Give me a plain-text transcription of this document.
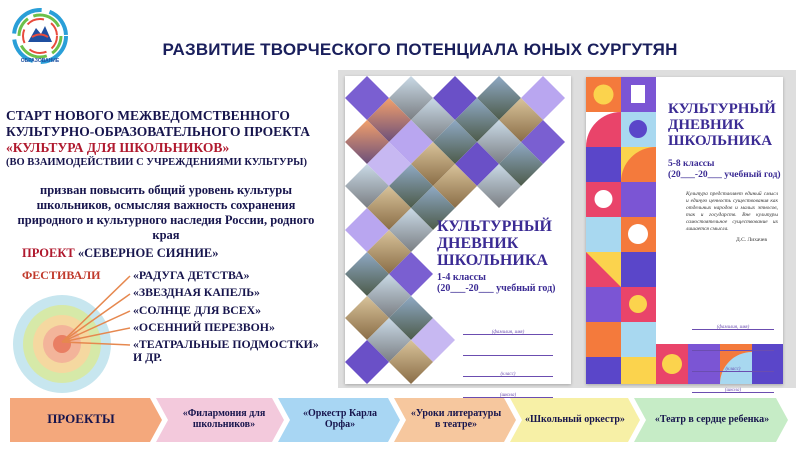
ОБРАЗОВАНИЕ
РАЗВИТИЕ ТВОРЧЕСКОГО ПОТЕНЦИАЛА ЮНЫХ СУРГУТЯН
СТАРТ НОВОГО МЕЖВЕДОМСТВЕННОГО
КУЛЬТУРНО-ОБРАЗОВАТЕЛЬНОГО ПРОЕКТА
«КУЛЬТУРА ДЛЯ ШКОЛЬНИКОВ»
(ВО ВЗАИМОДЕЙСТВИИ С УЧРЕЖДЕНИЯМИ КУЛЬТУРЫ)
призван повысить общий уровень культуры школьников, осмысляя важность сохранения природного и культурного наследия России, родного края
ПРОЕКТ «СЕВЕРНОЕ СИЯНИЕ»
ФЕСТИВАЛИ	«РАДУГА ДЕТСТВА»
«ЗВЕЗДНАЯ КАПЕЛЬ»
«СОЛНЦЕ ДЛЯ ВСЕХ»
«ОСЕННИЙ ПЕРЕЗВОН»
«ТЕАТРАЛЬНЫЕ ПОДМОСТКИ»
И ДР.
КУЛЬТУРНЫЙ ДНЕВНИК ШКОЛЬНИКА
1-4 классы
(20___-20___ учебный год)
(фамилия, имя)
(класс)
(школа)
КУЛЬТУРНЫЙ ДНЕВНИК ШКОЛЬНИКА
5-8 классы
(20___-20___ учебный год)
Культура представляет единый смысл и единую ценность существования как отдельных народов и малых этносов, так и государств. Вне культуры самостоятельное существование их лишается смысла.
Д.С. Лихачев
(фамилия, имя)
(класс)
(школа)
ПРОЕКТЫ	«Филармония для школьников»
«Оркестр Карла Орфа»
«Уроки литературы в театре»	«Школьный оркестр»	«Театр в сердце ребенка»
